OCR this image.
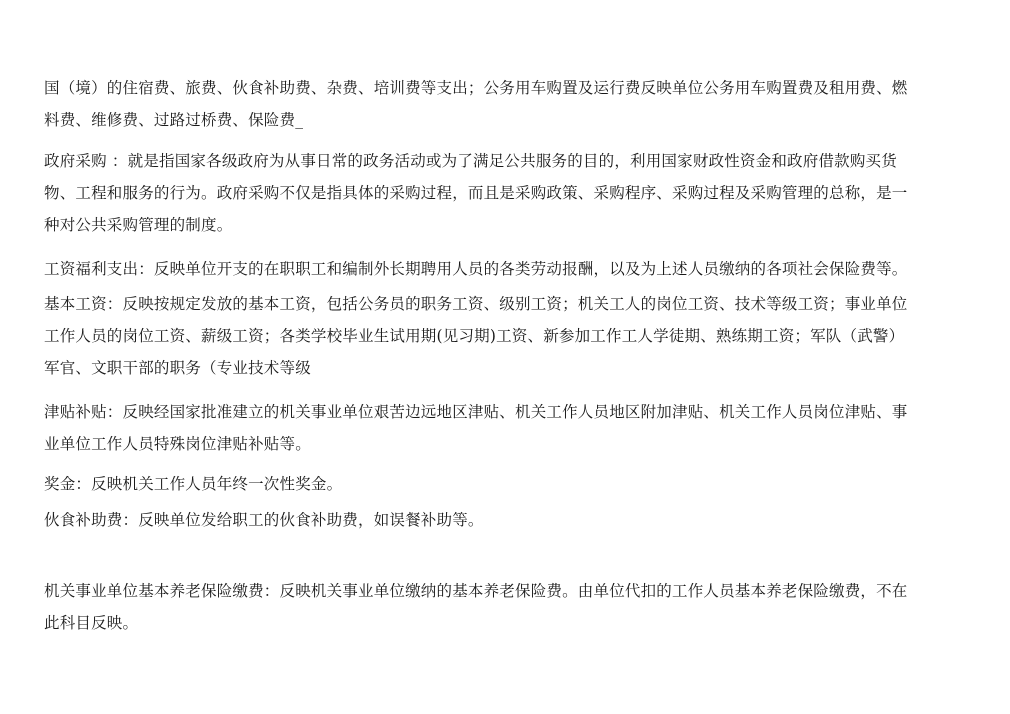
国（境）的住宿费、旅费、伙食补助费、杂费、培训费等支出；公务用车购置及运行费反映单位公务用车购置费及租用费、燃
料费、维修费、过路过桥费、保险费_
政府采购 ：就是指国家各级政府为从事日常的政务活动或为了满足公共服务的目的，利用国家财政性资金和政府借款购买货
物、工程和服务的行为。政府采购不仅是指具体的采购过程，而且是采购政策、采购程序、采购过程及采购管理的总称，是一
种对公共采购管理的制度。
工资福利支出：反映单位开支的在职职工和编制外长期聘用人员的各类劳动报酬，以及为上述人员缴纳的各项社会保险费等。
基本工资：反映按规定发放的基本工资，包括公务员的职务工资、级别工资；机关工人的岗位工资、技术等级工资；事业单位
工作人员的岗位工资、薪级工资；各类学校毕业生试用期(见习期)工资、新参加工作工人学徒期、熟练期工资；军队（武警）
军官、文职干部的职务（专业技术等级
津贴补贴：反映经国家批准建立的机关事业单位艰苦边远地区津贴、机关工作人员地区附加津贴、机关工作人员岗位津贴、事
业单位工作人员特殊岗位津贴补贴等。
奖金：反映机关工作人员年终一次性奖金。
伙食补助费：反映单位发给职工的伙食补助费，如误餐补助等。
机关事业单位基本养老保险缴费：反映机关事业单位缴纳的基本养老保险费。由单位代扣的工作人员基本养老保险缴费，不在
此科目反映。
